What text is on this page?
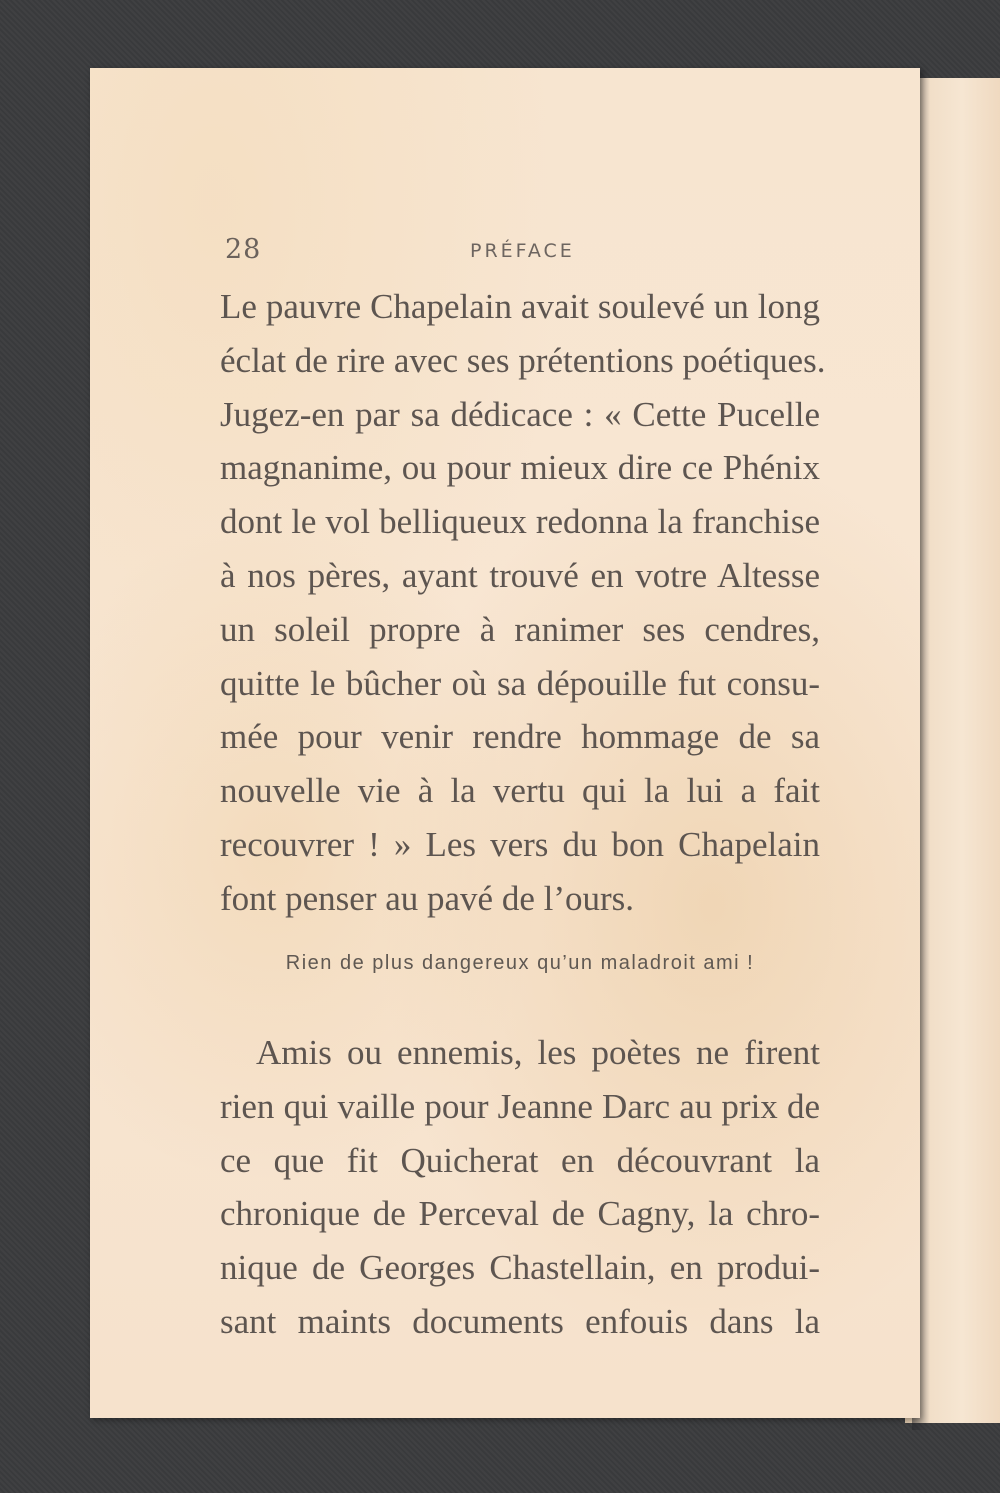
28	PRÉFACE
Le pauvre Chapelain avait soulevé un long
éclat de rire avec ses prétentions poétiques.
Jugez-en par sa dédicace : « Cette Pucelle
magnanime, ou pour mieux dire ce Phénix
dont le vol belliqueux redonna la franchise
à nos pères, ayant trouvé en votre Altesse
un soleil propre à ranimer ses cendres,
quitte le bûcher où sa dépouille fut consu-
mée pour venir rendre hommage de sa
nouvelle vie à la vertu qui la lui a fait
recouvrer ! » Les vers du bon Chapelain
font penser au pavé de l’ours.
Rien de plus dangereux qu’un maladroit ami !
Amis ou ennemis, les poètes ne firent
rien qui vaille pour Jeanne Darc au prix de
ce que fit Quicherat en découvrant la
chronique de Perceval de Cagny, la chro-
nique de Georges Chastellain, en produi-
sant maints documents enfouis dans la
